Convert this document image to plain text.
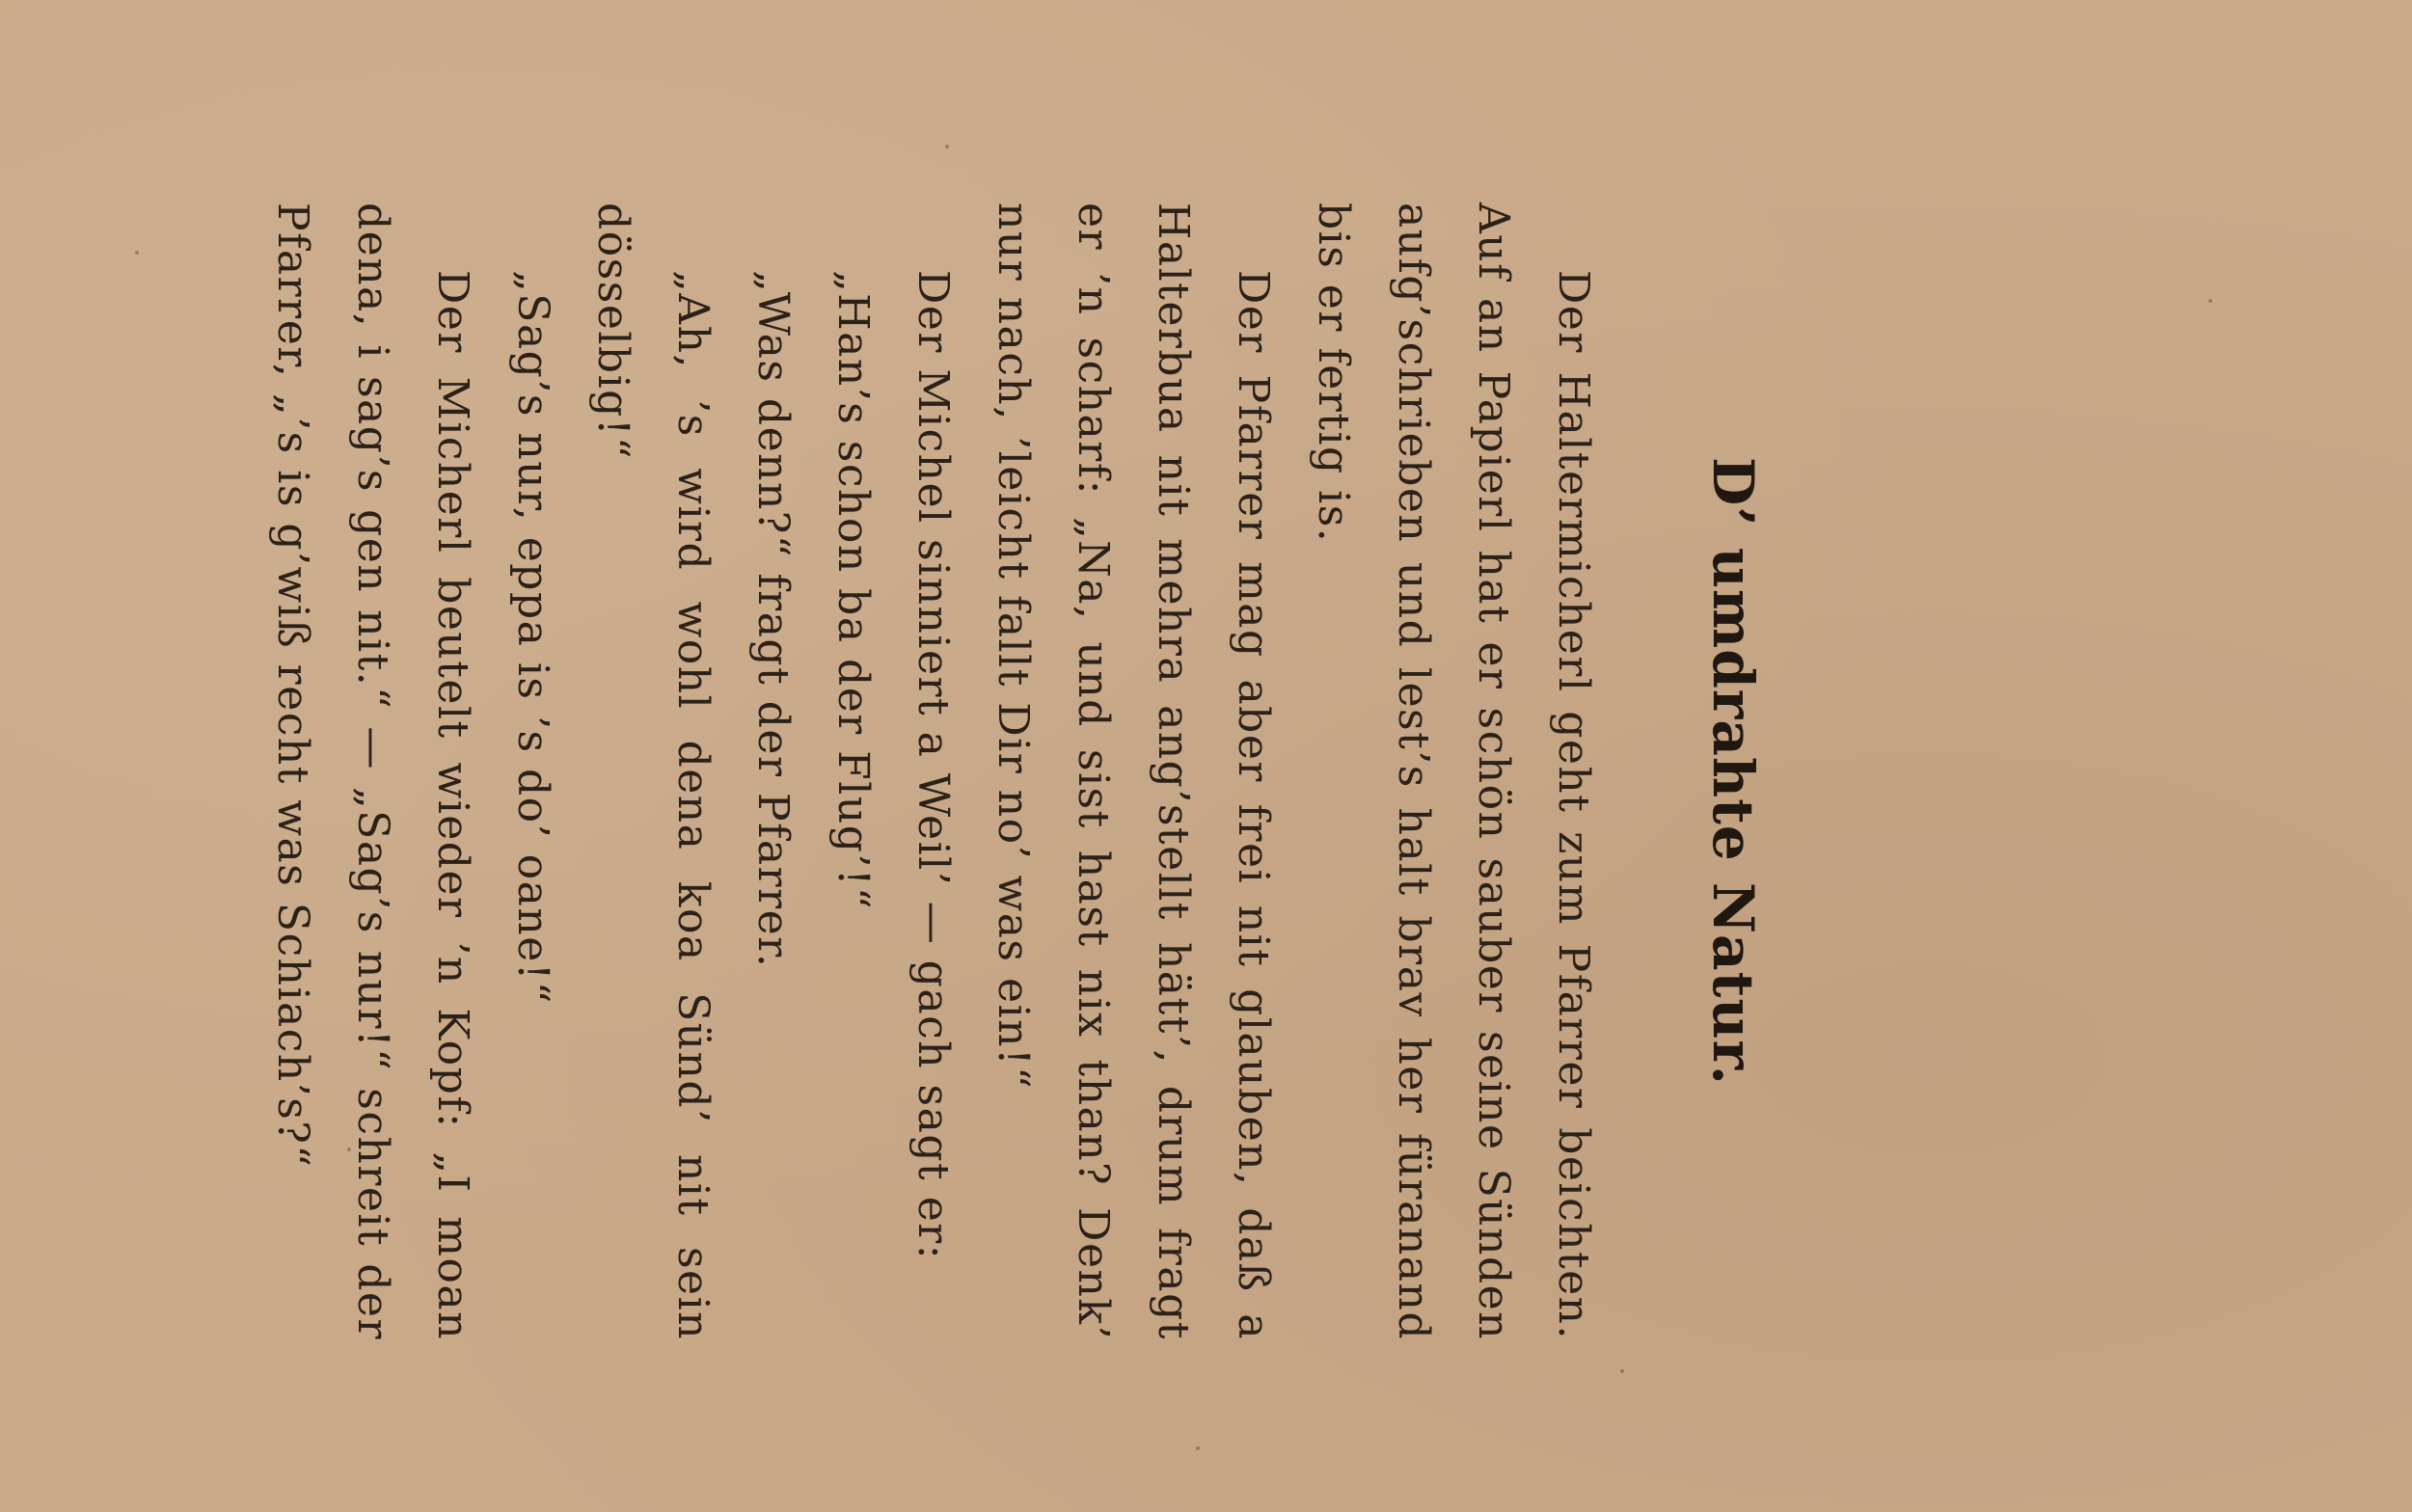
D’ umdrahte Natur.

Der Haltermicherl geht zum Pfarrer beichten. Auf an Papierl hat er schön sauber seine Sünden aufg’schrieben und lest’s halt brav her füranand bis er fertig is.

Der Pfarrer mag aber frei nit glauben, daß a Halterbua nit mehra ang’stellt hätt’, drum fragt er ’n scharf: „Na, und sist hast nix than? Denk’ nur nach, ’leicht fallt Dir no’ was ein!“

Der Michel sinniert a Weil’ — gach sagt er:

„Han’s schon ba der Flug’!“

„Was denn?“ fragt der Pfarrer.

„Ah, ’s wird wohl dena koa Sünd’ nit sein dösselbig!“

„Sag’s nur, eppa is ’s do’ oane!“

Der Micherl beutelt wieder ’n Kopf: „I moan dena, i sag’s gen nit.“ — „Sag’s nur!“ schreit der Pfarrer, „’s is g’wiß recht was Schiach’s?“
